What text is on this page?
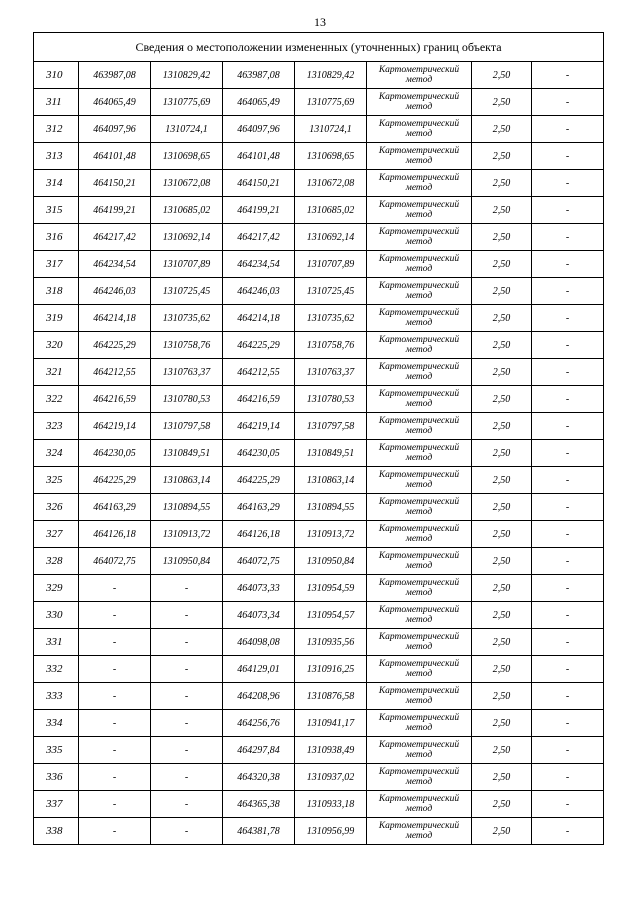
13
Сведения о местоположении измененных (уточненных) границ объекта							
310	463987,08	1310829,42	463987,08	1310829,42	Картометрический метод	2,50	-
311	464065,49	1310775,69	464065,49	1310775,69	Картометрический метод	2,50	-
312	464097,96	1310724,1	464097,96	1310724,1	Картометрический метод	2,50	-
313	464101,48	1310698,65	464101,48	1310698,65	Картометрический метод	2,50	-
314	464150,21	1310672,08	464150,21	1310672,08	Картометрический метод	2,50	-
315	464199,21	1310685,02	464199,21	1310685,02	Картометрический метод	2,50	-
316	464217,42	1310692,14	464217,42	1310692,14	Картометрический метод	2,50	-
317	464234,54	1310707,89	464234,54	1310707,89	Картометрический метод	2,50	-
318	464246,03	1310725,45	464246,03	1310725,45	Картометрический метод	2,50	-
319	464214,18	1310735,62	464214,18	1310735,62	Картометрический метод	2,50	-
320	464225,29	1310758,76	464225,29	1310758,76	Картометрический метод	2,50	-
321	464212,55	1310763,37	464212,55	1310763,37	Картометрический метод	2,50	-
322	464216,59	1310780,53	464216,59	1310780,53	Картометрический метод	2,50	-
323	464219,14	1310797,58	464219,14	1310797,58	Картометрический метод	2,50	-
324	464230,05	1310849,51	464230,05	1310849,51	Картометрический метод	2,50	-
325	464225,29	1310863,14	464225,29	1310863,14	Картометрический метод	2,50	-
326	464163,29	1310894,55	464163,29	1310894,55	Картометрический метод	2,50	-
327	464126,18	1310913,72	464126,18	1310913,72	Картометрический метод	2,50	-
328	464072,75	1310950,84	464072,75	1310950,84	Картометрический метод	2,50	-
329	-	-	464073,33	1310954,59	Картометрический метод	2,50	-
330	-	-	464073,34	1310954,57	Картометрический метод	2,50	-
331	-	-	464098,08	1310935,56	Картометрический метод	2,50	-
332	-	-	464129,01	1310916,25	Картометрический метод	2,50	-
333	-	-	464208,96	1310876,58	Картометрический метод	2,50	-
334	-	-	464256,76	1310941,17	Картометрический метод	2,50	-
335	-	-	464297,84	1310938,49	Картометрический метод	2,50	-
336	-	-	464320,38	1310937,02	Картометрический метод	2,50	-
337	-	-	464365,38	1310933,18	Картометрический метод	2,50	-
338	-	-	464381,78	1310956,99	Картометрический метод	2,50	-
